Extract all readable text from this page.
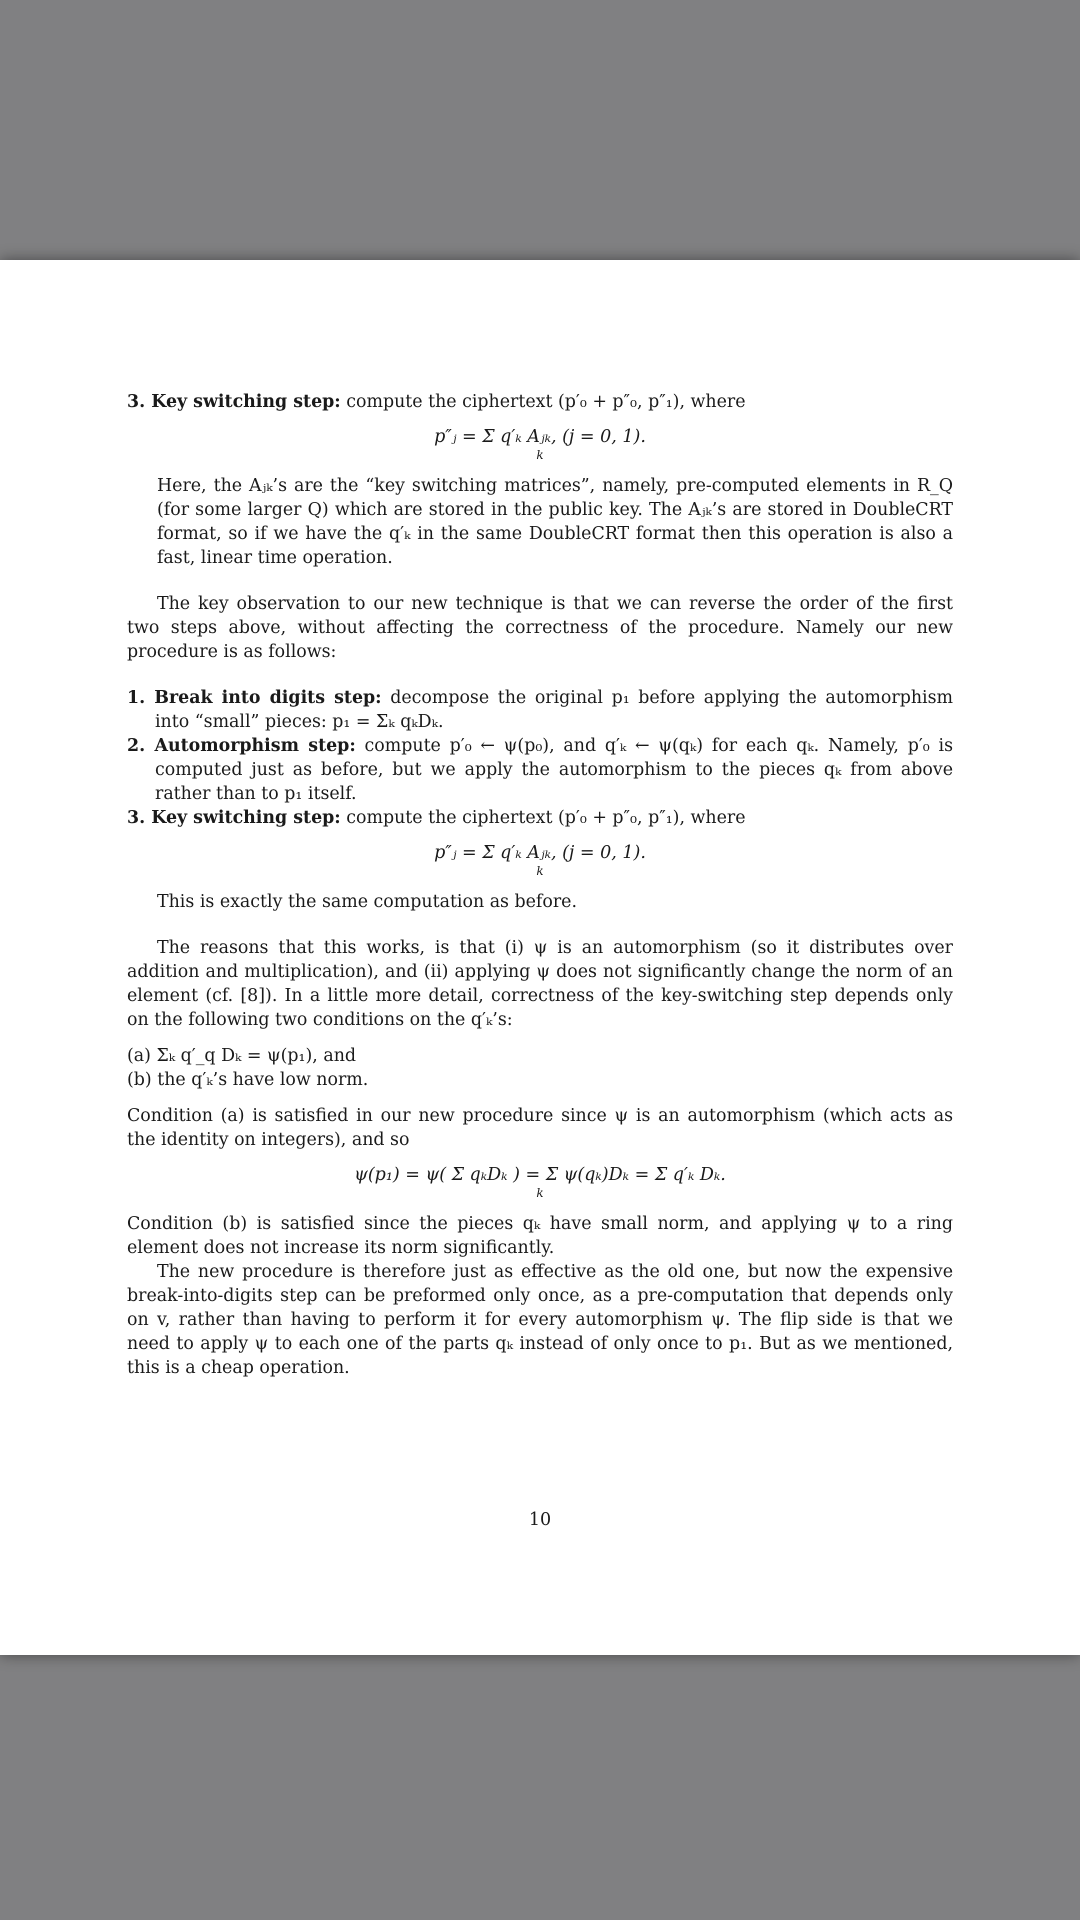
3. Key switching step: compute the ciphertext (p′₀ + p″₀, p″₁), where

p″ⱼ = Σ q′ₖ Aⱼₖ, (j = 0, 1).
k

Here, the Aⱼₖ’s are the “key switching matrices”, namely, pre-computed elements in R_Q (for some larger Q) which are stored in the public key. The Aⱼₖ’s are stored in DoubleCRT format, so if we have the q′ₖ in the same DoubleCRT format then this operation is also a fast, linear time operation.

The key observation to our new technique is that we can reverse the order of the first two steps above, without affecting the correctness of the procedure. Namely our new procedure is as follows:

1. Break into digits step: decompose the original p₁ before applying the automorphism into “small” pieces: p₁ = Σₖ qₖDₖ.
2. Automorphism step: compute p′₀ ← ψ(p₀), and q′ₖ ← ψ(qₖ) for each qₖ. Namely, p′₀ is computed just as before, but we apply the automorphism to the pieces qₖ from above rather than to p₁ itself.
3. Key switching step: compute the ciphertext (p′₀ + p″₀, p″₁), where
p″ⱼ = Σ q′ₖ Aⱼₖ, (j = 0, 1).
k

This is exactly the same computation as before.

The reasons that this works, is that (i) ψ is an automorphism (so it distributes over addition and multiplication), and (ii) applying ψ does not significantly change the norm of an element (cf. [8]). In a little more detail, correctness of the key-switching step depends only on the following two conditions on the q′ₖ’s:

(a) Σₖ q′_q Dₖ = ψ(p₁), and
(b) the q′ₖ’s have low norm.

Condition (a) is satisfied in our new procedure since ψ is an automorphism (which acts as the identity on integers), and so

ψ(p₁) = ψ( Σ qₖDₖ ) = Σ ψ(qₖ)Dₖ = Σ q′ₖ Dₖ.
k

Condition (b) is satisfied since the pieces qₖ have small norm, and applying ψ to a ring element does not increase its norm significantly.

The new procedure is therefore just as effective as the old one, but now the expensive break-into-digits step can be preformed only once, as a pre-computation that depends only on v, rather than having to perform it for every automorphism ψ. The flip side is that we need to apply ψ to each one of the parts qₖ instead of only once to p₁. But as we mentioned, this is a cheap operation.

10
